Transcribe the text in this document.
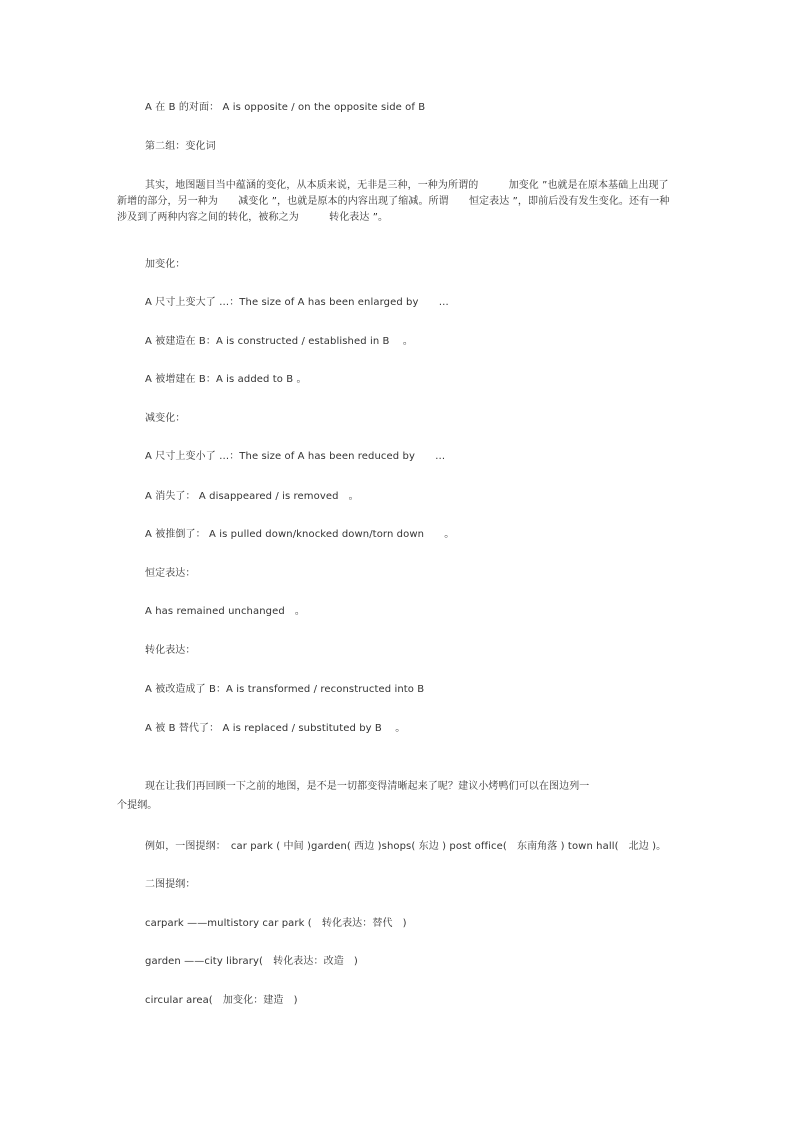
A 在 B 的对面： A is opposite / on the opposite side of B
第二组：变化词
其实，地图题目当中蕴涵的变化，从本质来说，无非是三种，一种为所谓的　　　加变化 ”也就是在原本基础上出现了新增的部分，另一种为　　减变化 ”，也就是原本的内容出现了缩减。所谓　　恒定表达 ”，即前后没有发生变化。还有一种涉及到了两种内容之间的转化，被称之为　　　转化表达 ”。
加变化：
A 尺寸上变大了 …：The size of A has been enlarged by　　…
A 被建造在 B：A is constructed / established in B　 。
A 被增建在 B：A is added to B 。
减变化：
A 尺寸上变小了 …：The size of A has been reduced by　　…
A 消失了： A disappeared / is removed　。
A 被推倒了： A is pulled down/knocked down/torn down　　。
恒定表达：
A has remained unchanged　。
转化表达：
A 被改造成了 B：A is transformed / reconstructed into B
A 被 B 替代了： A is replaced / substituted by B　 。
现在让我们再回顾一下之前的地图，是不是一切都变得清晰起来了呢？建议小烤鸭们可以在图边列一
个提纲。
例如，一图提纲：　car park ( 中间 )garden( 西边 )shops( 东边 ) post office(　东南角落 ) town hall(　北边 )。
二图提纲：
carpark ——multistory car park (　转化表达：替代　)
garden ——city library(　转化表达：改造　)
circular area(　加变化：建造　)
